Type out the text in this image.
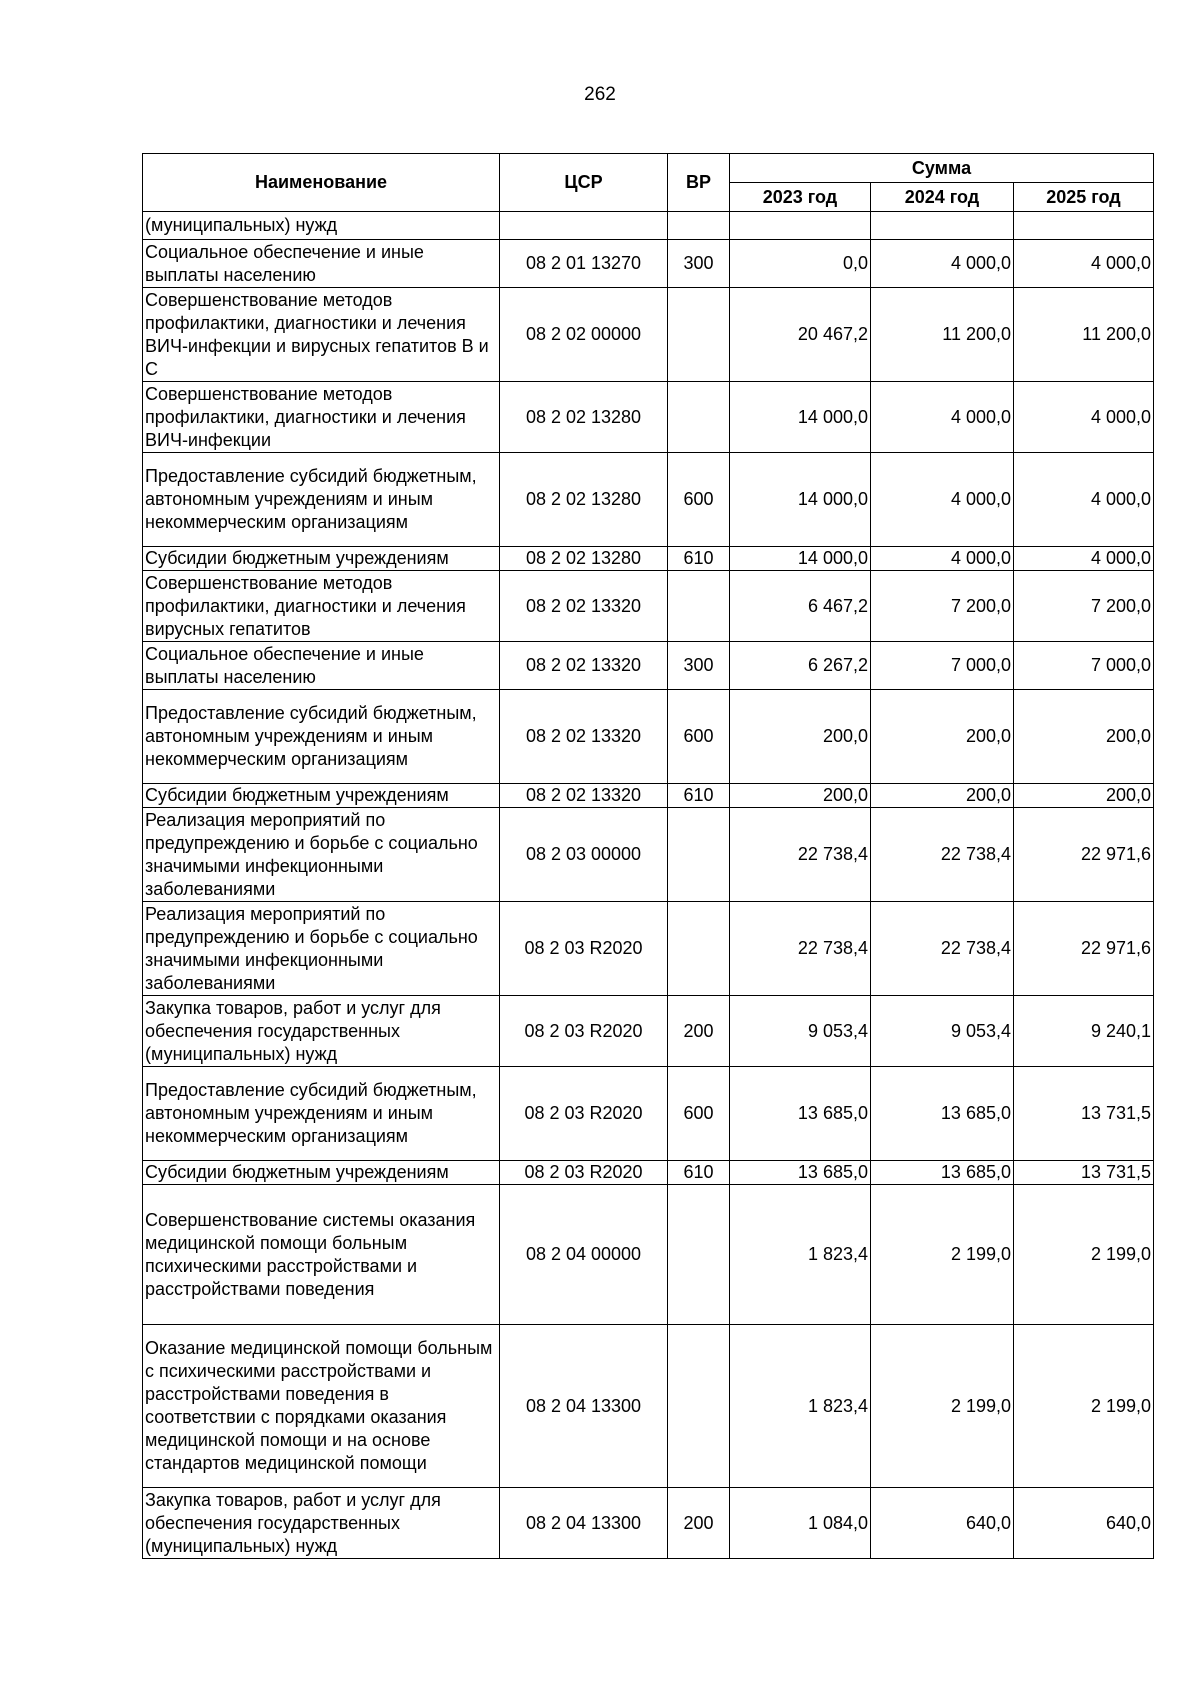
262
Наименование	ЦСР	ВР	Сумма		
			2023 год	2024 год	2025 год
(муниципальных) нужд					
Социальное обеспечение и иные выплаты населению	08 2 01 13270	300	0,0	4 000,0	4 000,0
Совершенствование методов профилактики, диагностики и лечения ВИЧ-инфекции и вирусных гепатитов В и С	08 2 02 00000		20 467,2	11 200,0	11 200,0
Совершенствование методов профилактики, диагностики и лечения ВИЧ-инфекции	08 2 02 13280		14 000,0	4 000,0	4 000,0
Предоставление субсидий бюджетным, автономным учреждениям и иным некоммерческим организациям	08 2 02 13280	600	14 000,0	4 000,0	4 000,0
Субсидии бюджетным учреждениям	08 2 02 13280	610	14 000,0	4 000,0	4 000,0
Совершенствование методов профилактики, диагностики и лечения вирусных гепатитов	08 2 02 13320		6 467,2	7 200,0	7 200,0
Социальное обеспечение и иные выплаты населению	08 2 02 13320	300	6 267,2	7 000,0	7 000,0
Предоставление субсидий бюджетным, автономным учреждениям и иным некоммерческим организациям	08 2 02 13320	600	200,0	200,0	200,0
Субсидии бюджетным учреждениям	08 2 02 13320	610	200,0	200,0	200,0
Реализация мероприятий по предупреждению и борьбе с социально значимыми инфекционными заболеваниями	08 2 03 00000		22 738,4	22 738,4	22 971,6
Реализация мероприятий по предупреждению и борьбе с социально значимыми инфекционными заболеваниями	08 2 03 R2020		22 738,4	22 738,4	22 971,6
Закупка товаров, работ и услуг для обеспечения государственных (муниципальных) нужд	08 2 03 R2020	200	9 053,4	9 053,4	9 240,1
Предоставление субсидий бюджетным, автономным учреждениям и иным некоммерческим организациям	08 2 03 R2020	600	13 685,0	13 685,0	13 731,5
Субсидии бюджетным учреждениям	08 2 03 R2020	610	13 685,0	13 685,0	13 731,5
Совершенствование системы оказания медицинской помощи больным психическими расстройствами и расстройствами поведения	08 2 04 00000		1 823,4	2 199,0	2 199,0
Оказание медицинской помощи больным с психическими расстройствами и расстройствами поведения в соответствии с порядками оказания медицинской помощи и на основе стандартов медицинской помощи	08 2 04 13300		1 823,4	2 199,0	2 199,0
Закупка товаров, работ и услуг для обеспечения государственных (муниципальных) нужд	08 2 04 13300	200	1 084,0	640,0	640,0
